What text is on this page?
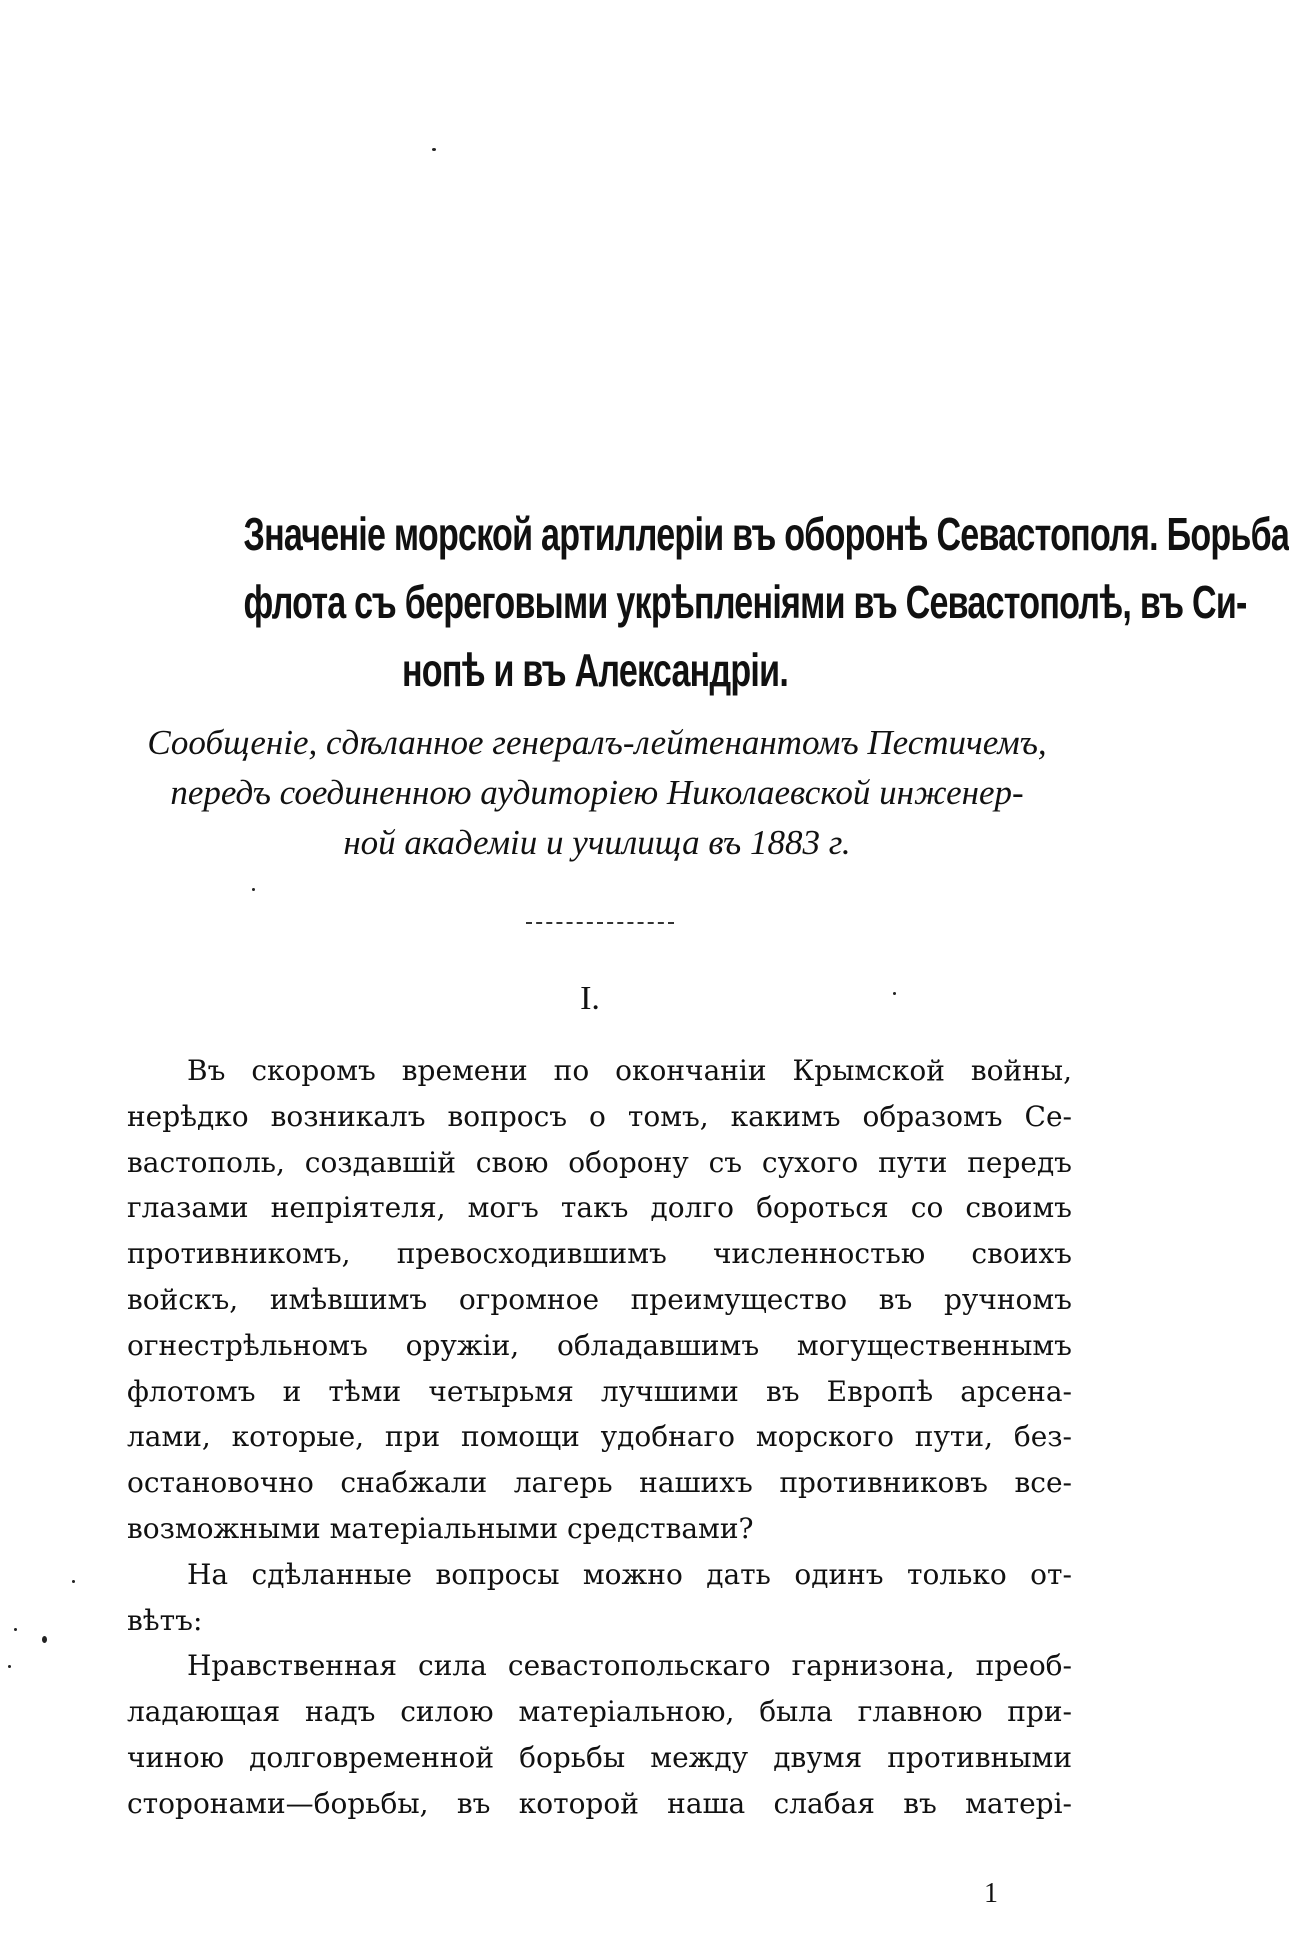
Значеніе морской артиллеріи въ оборонѣ Севастополя. Борьба
флота съ береговыми укрѣпленіями въ Севастополѣ, въ Си-
нопѣ и въ Александріи.
Сообщеніе, сдѣланное генералъ-лейтенантомъ Пестичемъ,
передъ соединенною аудиторіею Николаевской инженер-
ной академіи и училища въ 1883 г.
I.
Въ скоромъ времени по окончаніи Крымской войны,
нерѣдко возникалъ вопросъ о томъ, какимъ образомъ Се-
вастополь, создавшій свою оборону съ сухого пути передъ
глазами непріятеля, могъ такъ долго бороться со своимъ
противникомъ, превосходившимъ численностью своихъ
войскъ, имѣвшимъ огромное преимущество въ ручномъ
огнестрѣльномъ оружіи, обладавшимъ могущественнымъ
флотомъ и тѣми четырьмя лучшими въ Европѣ арсена-
лами, которые, при помощи удобнаго морского пути, без-
остановочно снабжали лагерь нашихъ противниковъ все-
возможными матеріальными средствами?
На сдѣланные вопросы можно дать одинъ только от-
вѣтъ:
Нравственная сила севастопольскаго гарнизона, преоб-
ладающая надъ силою матеріальною, была главною при-
чиною долговременной борьбы между двумя противными
сторонами—борьбы, въ которой наша слабая въ матері-
1
